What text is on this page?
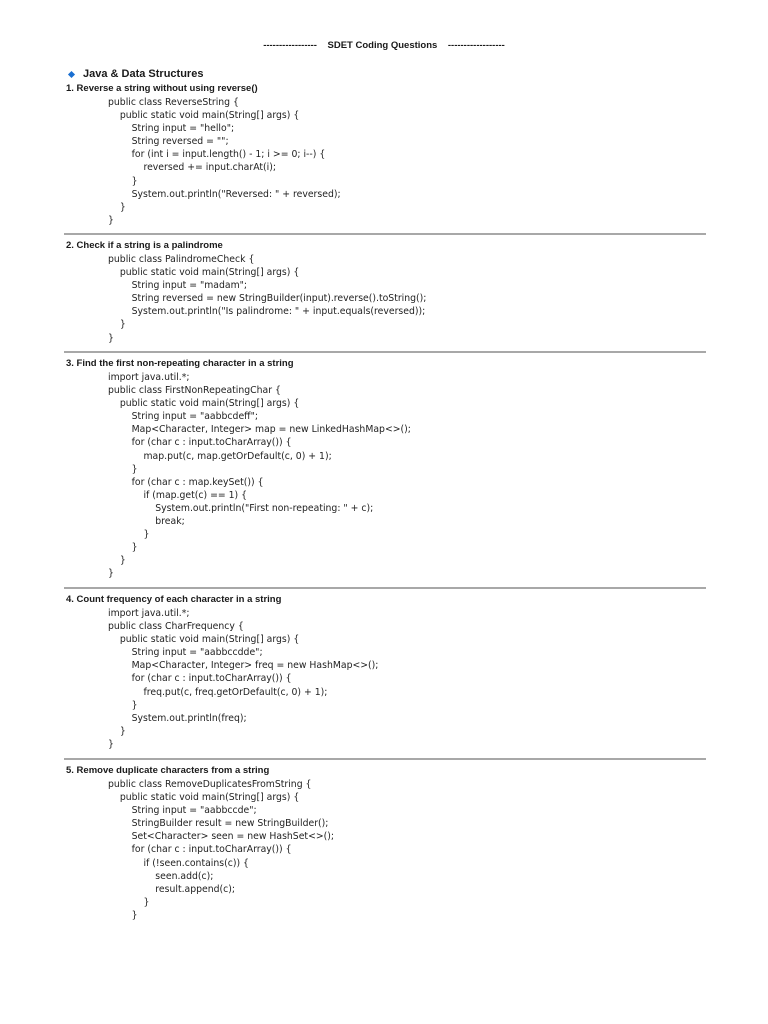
-----------------    SDET Coding Questions    ------------------
Java & Data Structures
1. Reverse a string without using reverse()
public class ReverseString {
public static void main(String[] args) {
String input = "hello";
String reversed = "";
for (int i = input.length() - 1; i >= 0; i--) {
reversed += input.charAt(i);
}
System.out.println("Reversed: " + reversed);
}
}
2. Check if a string is a palindrome
public class PalindromeCheck {
public static void main(String[] args) {
String input = "madam";
String reversed = new StringBuilder(input).reverse().toString();
System.out.println("Is palindrome: " + input.equals(reversed));
}
}
3. Find the first non-repeating character in a string
import java.util.*;
public class FirstNonRepeatingChar {
public static void main(String[] args) {
String input = "aabbcdeff";
Map<Character, Integer> map = new LinkedHashMap<>();
for (char c : input.toCharArray()) {
map.put(c, map.getOrDefault(c, 0) + 1);
}
for (char c : map.keySet()) {
if (map.get(c) == 1) {
System.out.println("First non-repeating: " + c);
break;
}
}
}
}
4. Count frequency of each character in a string
import java.util.*;
public class CharFrequency {
public static void main(String[] args) {
String input = "aabbccdde";
Map<Character, Integer> freq = new HashMap<>();
for (char c : input.toCharArray()) {
freq.put(c, freq.getOrDefault(c, 0) + 1);
}
System.out.println(freq);
}
}
5. Remove duplicate characters from a string
public class RemoveDuplicatesFromString {
public static void main(String[] args) {
String input = "aabbccde";
StringBuilder result = new StringBuilder();
Set<Character> seen = new HashSet<>();
for (char c : input.toCharArray()) {
if (!seen.contains(c)) {
seen.add(c);
result.append(c);
}
}
